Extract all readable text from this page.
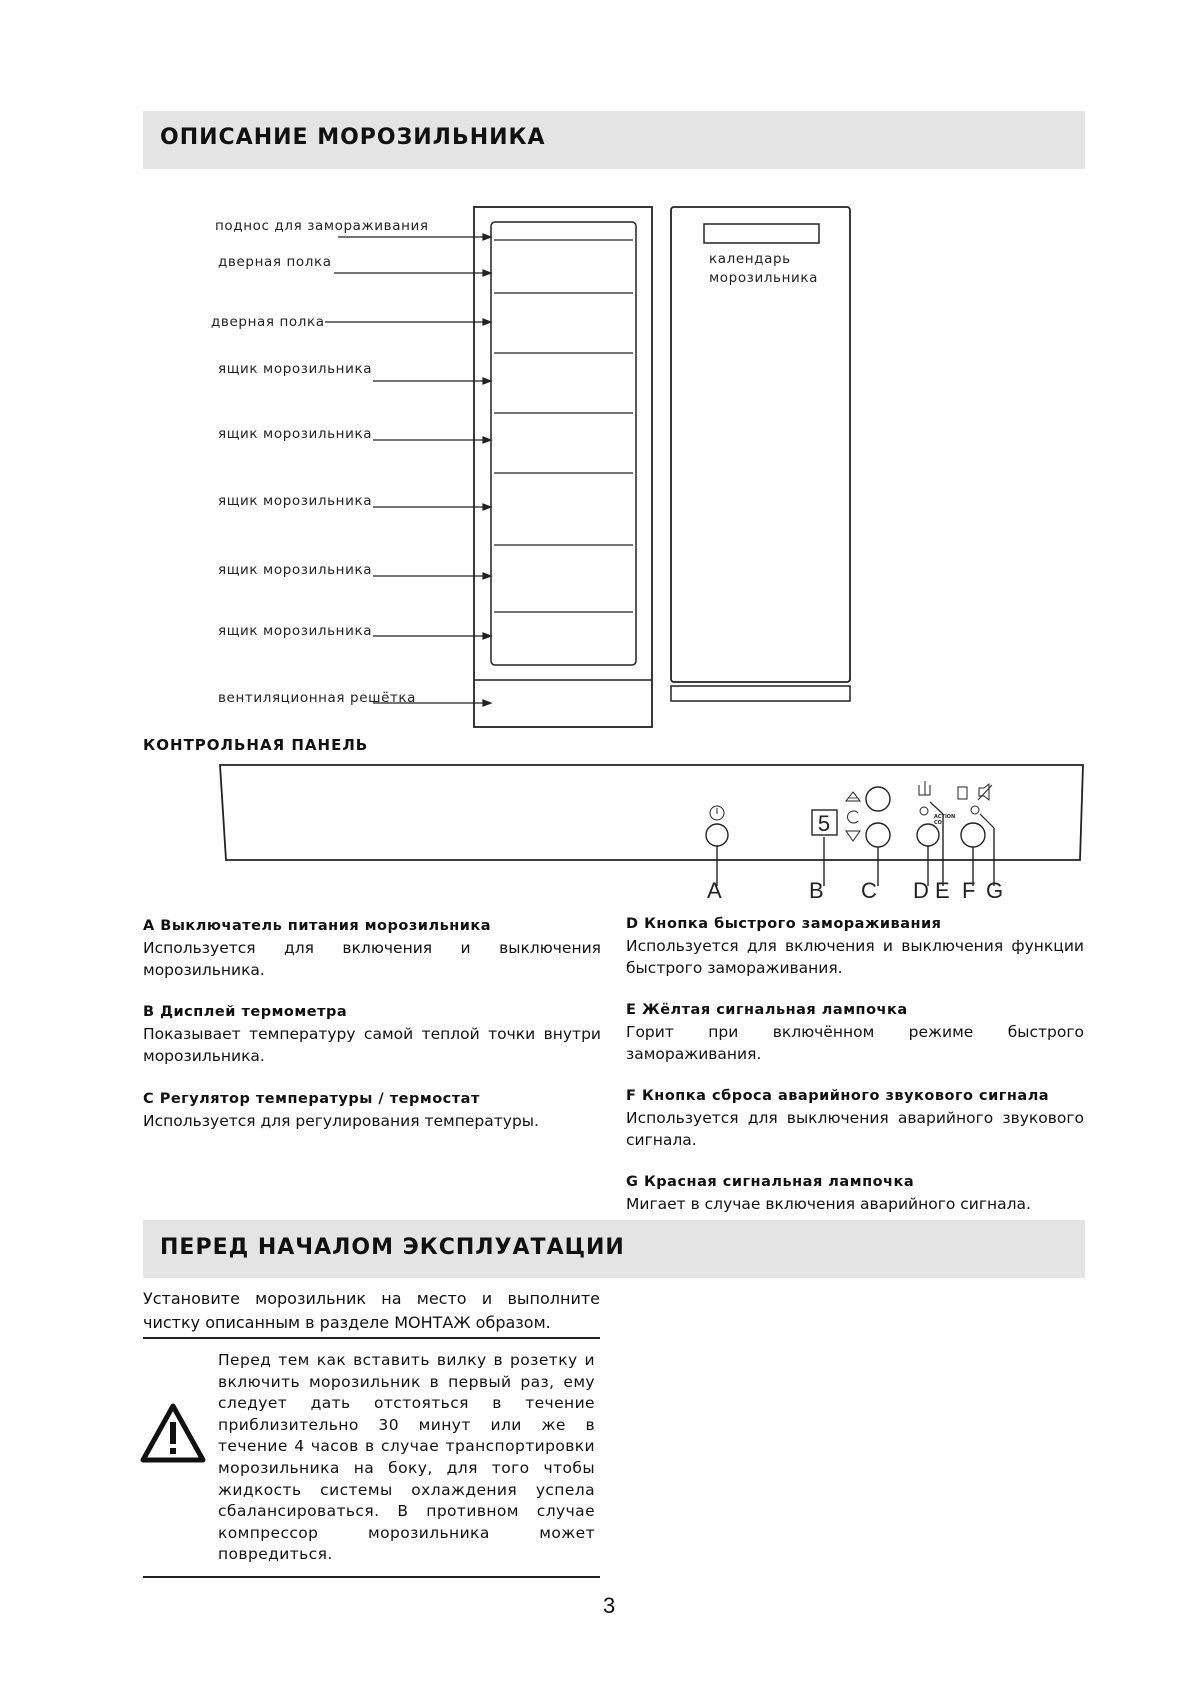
ОПИСАНИЕ МОРОЗИЛЬНИКА
поднос для замораживания
дверная полка
дверная полка
ящик морозильника
ящик морозильника
ящик морозильника
ящик морозильника
ящик морозильника
вентиляционная решётка
календарь
морозильника
КОНТРОЛЬНАЯ ПАНЕЛЬ
5	ACTION
CO
A	B C D E F G
A Выключатель питания морозильника
Используется для включения и выключения морозильника.
B Дисплей термометра
Показывает температуру самой теплой точки внутри морозильника.
C Регулятор температуры / термостат
Используется для регулирования температуры.
D Кнопка быстрого замораживания
Используется для включения и выключения функции быстрого замораживания.
E Жёлтая сигнальная лампочка
Горит при включённом режиме быстрого замораживания.
F Кнопка сброса аварийного звукового сигнала
Используется для выключения аварийного звукового сигнала.
G Красная сигнальная лампочка
Мигает в случае включения аварийного сигнала.
ПЕРЕД НАЧАЛОМ ЭКСПЛУАТАЦИИ
Установите морозильник на место и выполните чистку описанным в разделе МОНТАЖ образом.
Перед тем как вставить вилку в розетку и включить морозильник в первый раз, ему следует дать отстояться в течение приблизительно 30 минут или же в течение 4 часов в случае транспортировки морозильника на боку, для того чтобы жидкость системы охлаждения успела сбалансироваться. В противном случае компрессор морозильника может повредиться.
3
